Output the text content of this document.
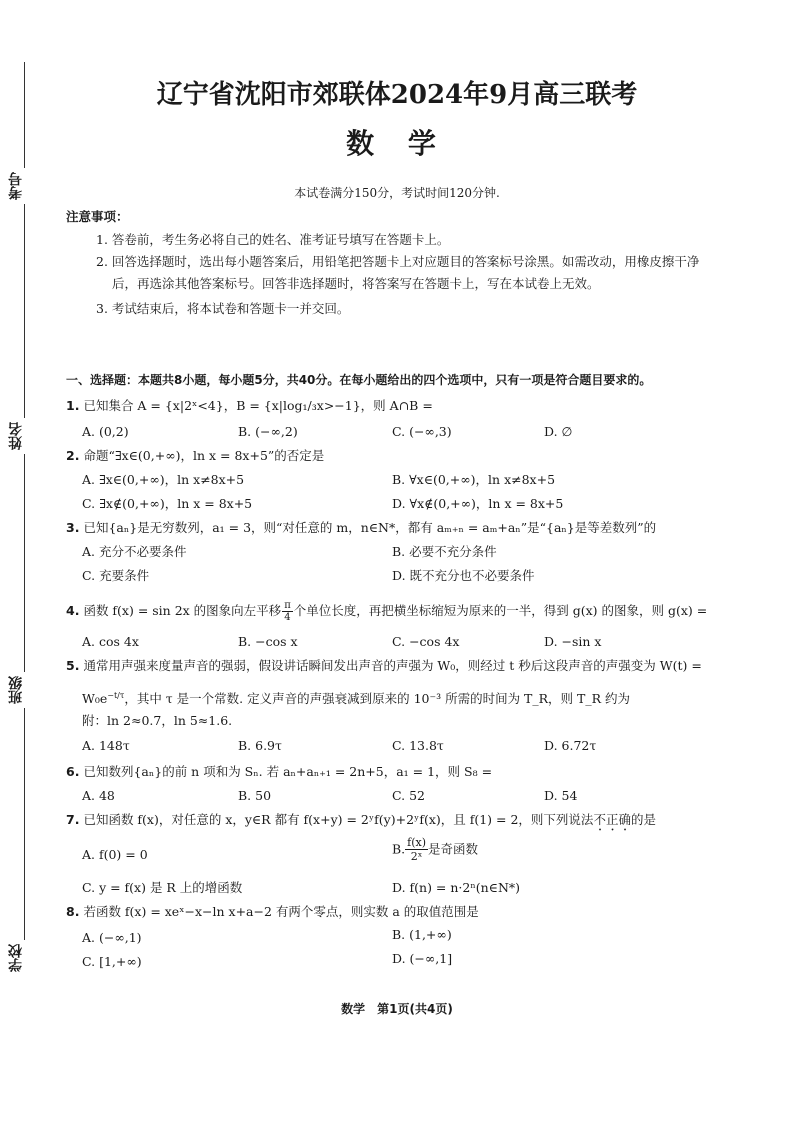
考号
姓名
班级
学校
辽宁省沈阳市郊联体2024年9月高三联考
数 学
本试卷满分150分，考试时间120分钟.
注意事项：
1. 答卷前，考生务必将自己的姓名、准考证号填写在答题卡上。
2. 回答选择题时，选出每小题答案后，用铅笔把答题卡上对应题目的答案标号涂黑。如需改动，用橡皮擦干净
后，再选涂其他答案标号。回答非选择题时，将答案写在答题卡上，写在本试卷上无效。
3. 考试结束后，将本试卷和答题卡一并交回。
一、选择题：本题共8小题，每小题5分，共40分。在每小题给出的四个选项中，只有一项是符合题目要求的。
1. 已知集合 A = {x|2ˣ<4}，B = {x|log₁/₃x>−1}，则 A∩B =
A. (0,2)	B. (−∞,2)	C. (−∞,3)	D. ∅
2. 命题“∃x∈(0,+∞)，ln x = 8x+5”的否定是
A. ∃x∈(0,+∞)，ln x≠8x+5	B. ∀x∈(0,+∞)，ln x≠8x+5
C. ∃x∉(0,+∞)，ln x = 8x+5	D. ∀x∉(0,+∞)，ln x = 8x+5
3. 已知{aₙ}是无穷数列，a₁ = 3，则“对任意的 m，n∈N*，都有 aₘ₊ₙ = aₘ+aₙ”是“{aₙ}是等差数列”的
A. 充分不必要条件	B. 必要不充分条件
C. 充要条件	D. 既不充分也不必要条件
4. 函数 f(x) = sin 2x 的图象向左平移 $\frac{\pi}{4}$ 个单位长度，再把横坐标缩短为原来的一半，得到 g(x) 的图象，则 g(x) =
A. cos 4x	B. −cos x	C. −cos 4x	D. −sin x
5. 通常用声强来度量声音的强弱，假设讲话瞬间发出声音的声强为 W₀，则经过 t 秒后这段声音的声强变为 W(t) =
$W_0e^{-t/\tau}$，其中 τ 是一个常数. 定义声音的声强衰减到原来的 10⁻³ 所需的时间为 T_R，则 T_R 约为
附：ln 2≈0.7，ln 5≈1.6.
A. 148τ	B. 6.9τ	C. 13.8τ	D. 6.72τ
6. 已知数列{aₙ}的前 n 项和为 Sₙ. 若 aₙ+aₙ₊₁ = 2n+5，a₁ = 1，则 S₈ =
A. 48	B. 50	C. 52	D. 54
7. 已知函数 f(x)，对任意的 x，y∈R 都有 f(x+y) = 2ʸf(y)+2ʸf(x)，且 f(1) = 2，则下列说法不正确的是
A. f(0) = 0	B. $\frac{f(x)}{\text{2ˣ}}$ 是奇函数
C. y = f(x) 是 R 上的增函数	D. f(n) = n·2ⁿ(n∈N*)
8. 若函数 f(x) = xeˣ−x−ln x+a−2 有两个零点，则实数 a 的取值范围是
A. (−∞,1)	B. (1,+∞)
C. [1,+∞)	D. (−∞,1]
数学　第1页(共4页)
